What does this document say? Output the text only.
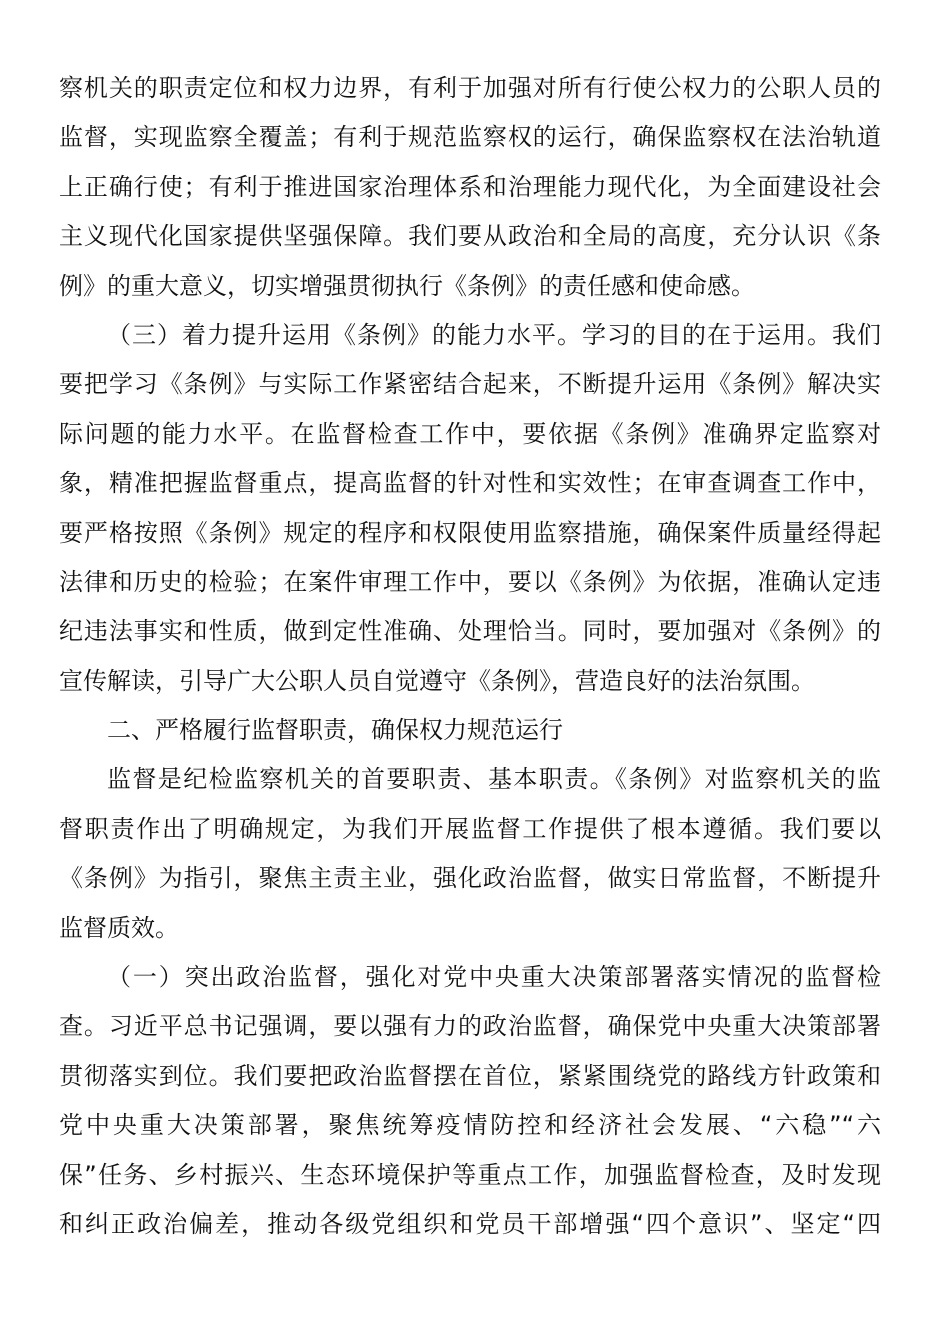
察机关的职责定位和权力边界，有利于加强对所有行使公权力的公职人员的
监督，实现监察全覆盖；有利于规范监察权的运行，确保监察权在法治轨道
上正确行使；有利于推进国家治理体系和治理能力现代化，为全面建设社会
主义现代化国家提供坚强保障。我们要从政治和全局的高度，充分认识《条
例》的重大意义，切实增强贯彻执行《条例》的责任感和使命感。
（三）着力提升运用《条例》的能力水平。学习的目的在于运用。我们
要把学习《条例》与实际工作紧密结合起来，不断提升运用《条例》解决实
际问题的能力水平。在监督检查工作中，要依据《条例》准确界定监察对
象，精准把握监督重点，提高监督的针对性和实效性；在审查调查工作中，
要严格按照《条例》规定的程序和权限使用监察措施，确保案件质量经得起
法律和历史的检验；在案件审理工作中，要以《条例》为依据，准确认定违
纪违法事实和性质，做到定性准确、处理恰当。同时，要加强对《条例》的
宣传解读，引导广大公职人员自觉遵守《条例》，营造良好的法治氛围。
二、严格履行监督职责，确保权力规范运行
监督是纪检监察机关的首要职责、基本职责。《条例》对监察机关的监
督职责作出了明确规定，为我们开展监督工作提供了根本遵循。我们要以
《条例》为指引，聚焦主责主业，强化政治监督，做实日常监督，不断提升
监督质效。
（一）突出政治监督，强化对党中央重大决策部署落实情况的监督检
查。习近平总书记强调，要以强有力的政治监督，确保党中央重大决策部署
贯彻落实到位。我们要把政治监督摆在首位，紧紧围绕党的路线方针政策和
党中央重大决策部署，聚焦统筹疫情防控和经济社会发展、“六稳”“六
保”任务、乡村振兴、生态环境保护等重点工作，加强监督检查，及时发现
和纠正政治偏差，推动各级党组织和党员干部增强“四个意识”、坚定“四
